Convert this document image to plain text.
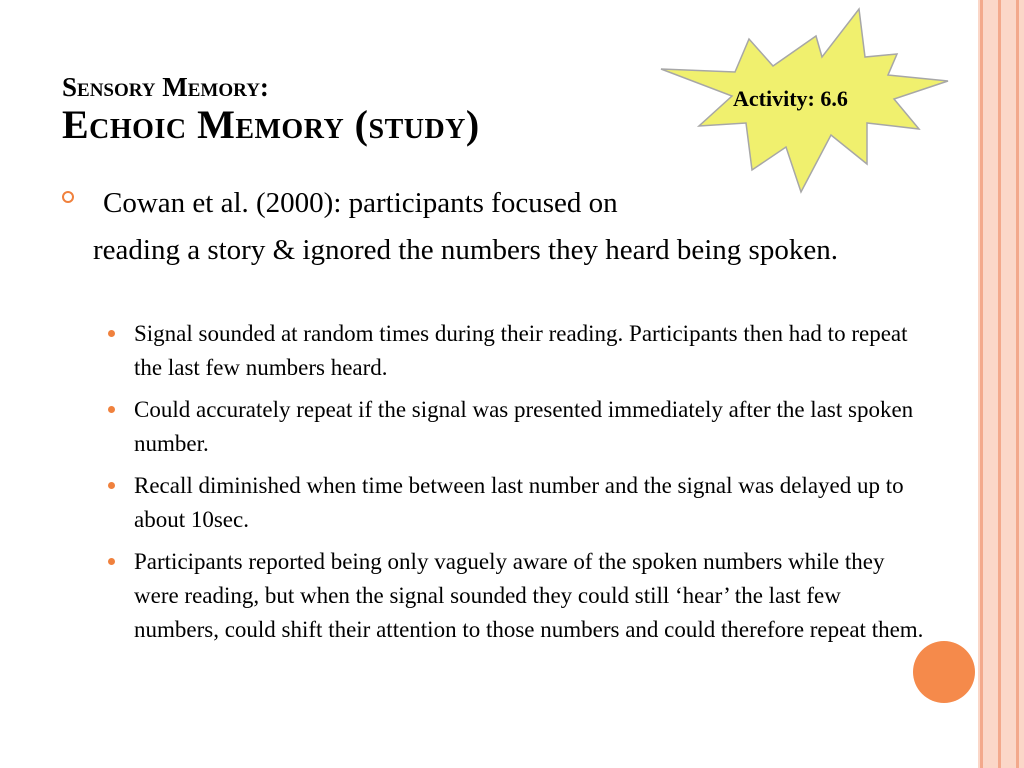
Sensory Memory:
Echoic Memory (study)
Activity: 6.6
Cowan et al. (2000): participants focused on
reading a story & ignored the numbers they heard being spoken.
Signal sounded at random times during their reading. Participants then had to repeat the last few numbers heard.
Could accurately repeat if the signal was presented immediately after the last spoken number.
Recall diminished when time between last number and the signal was delayed up to about 10sec.
Participants reported being only vaguely aware of the spoken numbers while they were reading, but when the signal sounded they could still ‘hear’ the last few numbers, could shift their attention to those numbers and could therefore repeat them.
